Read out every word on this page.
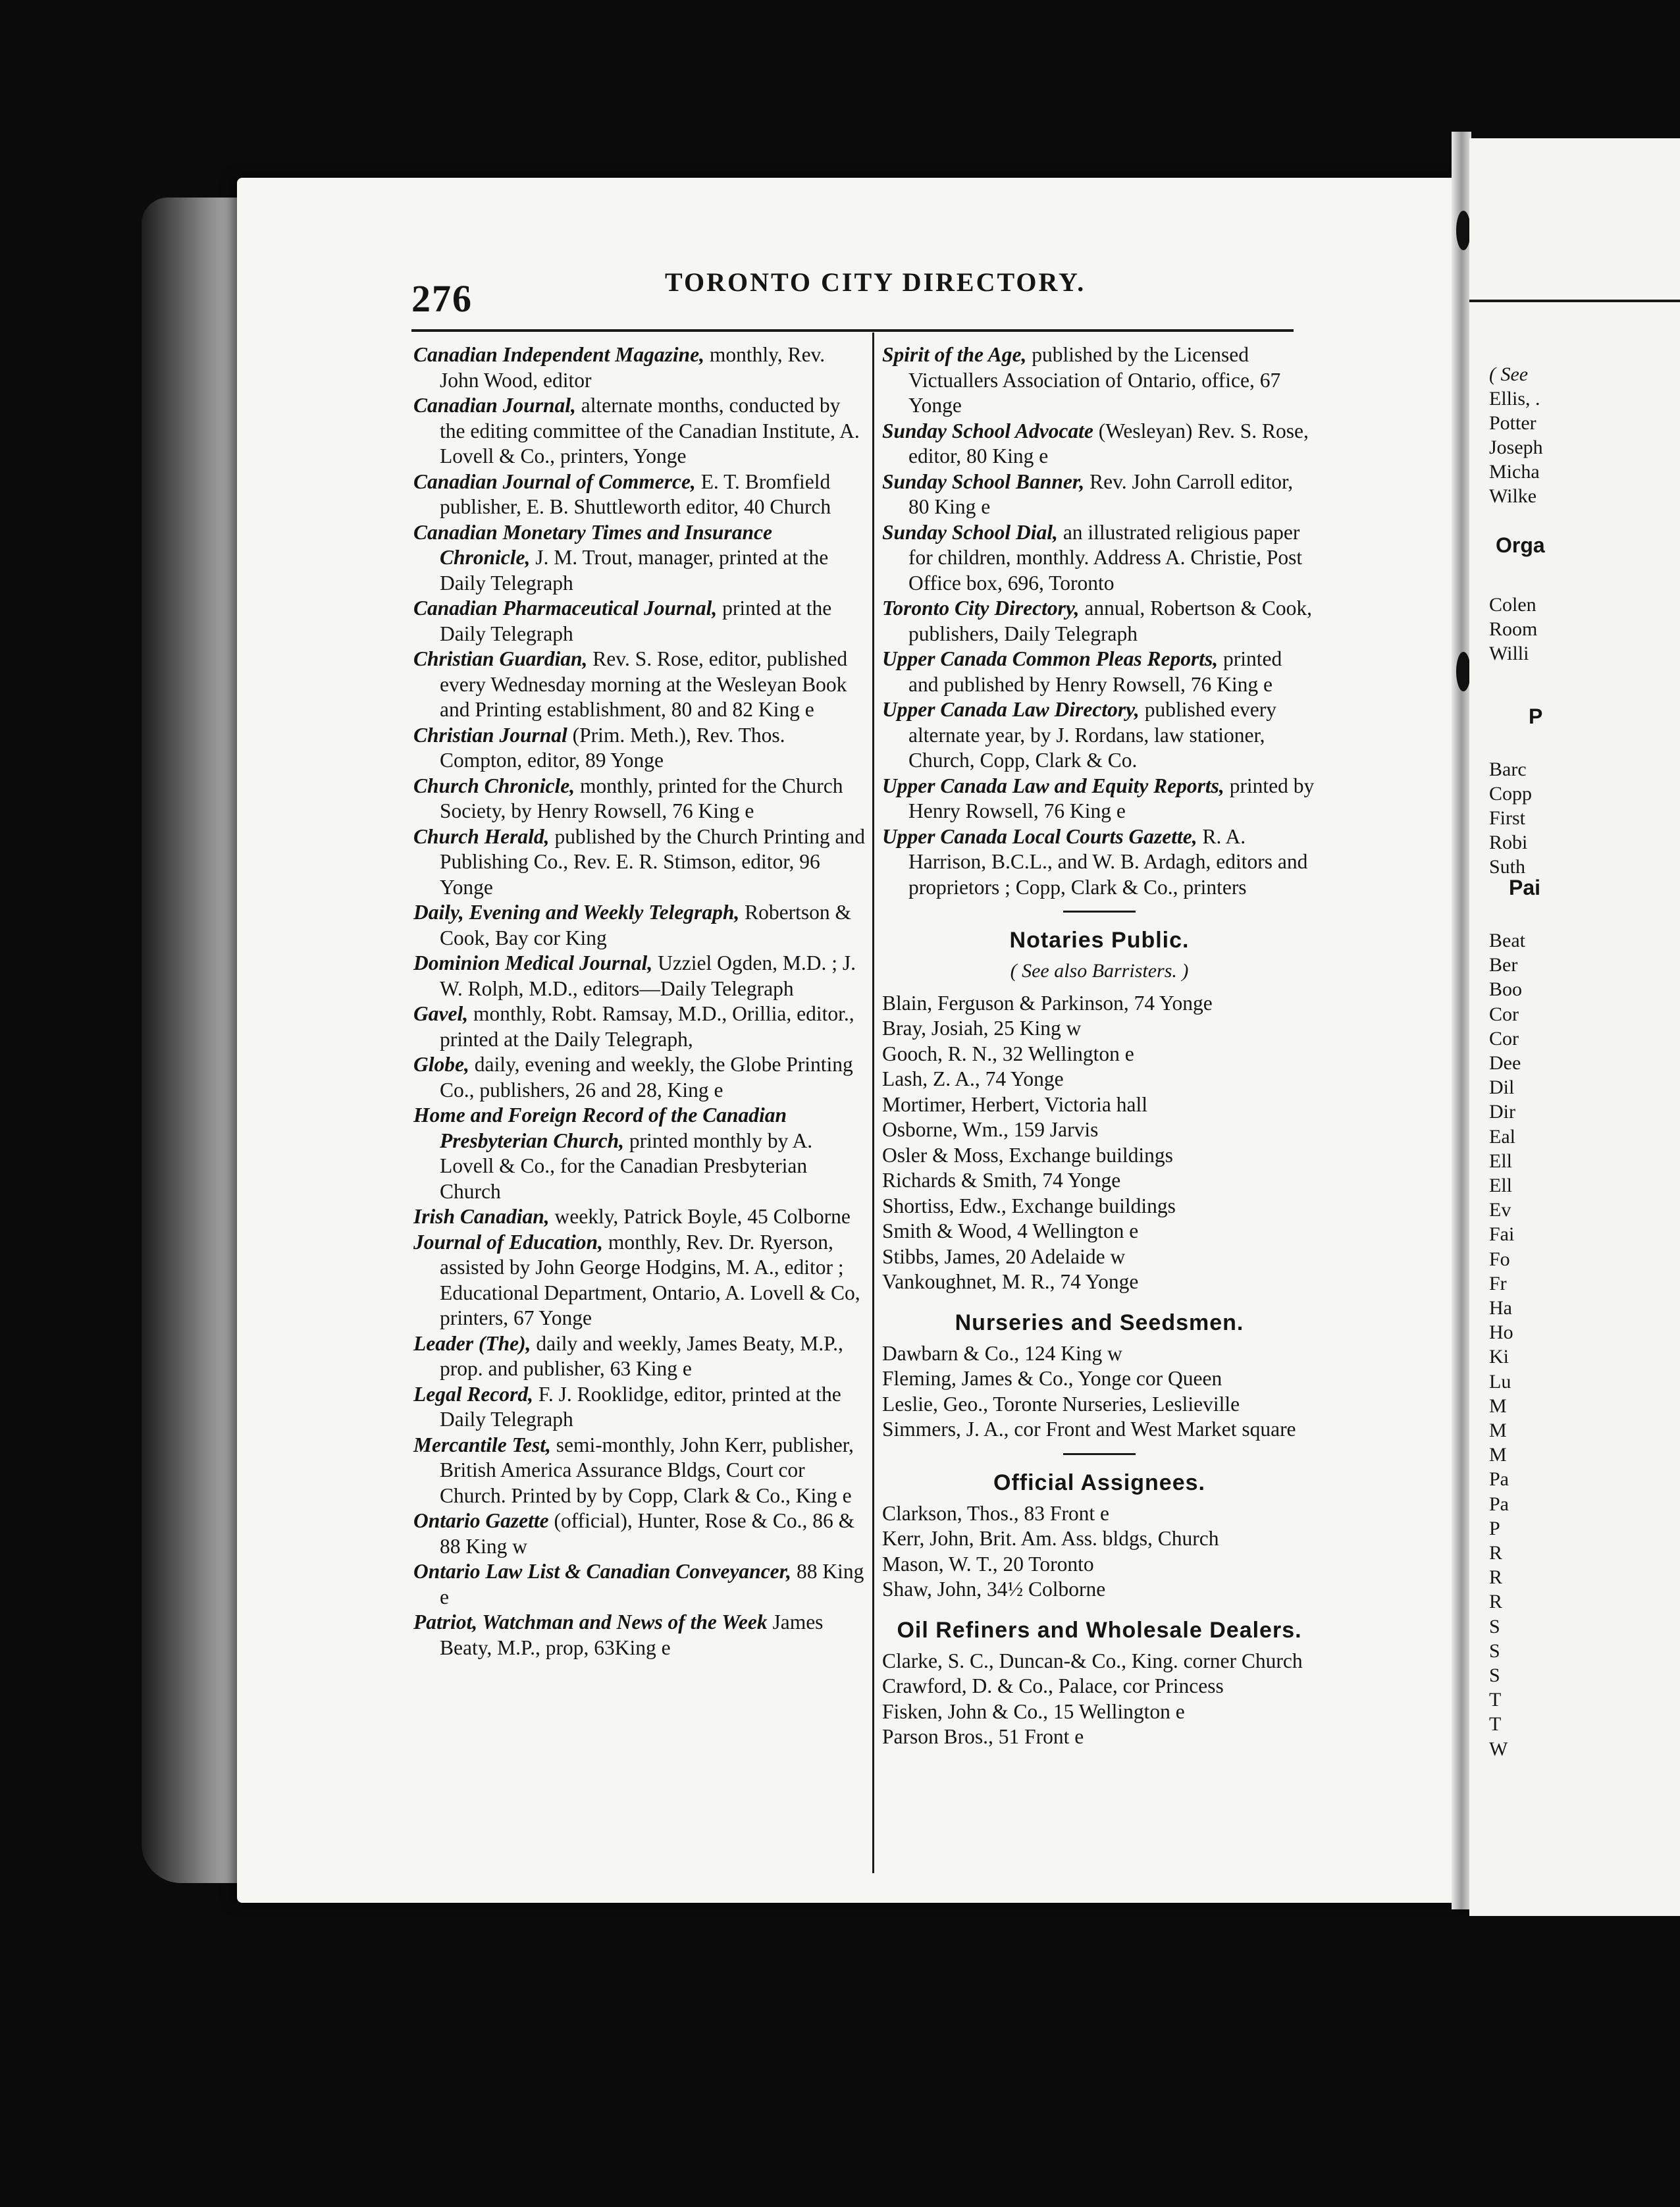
( See
Ellis, .
Potter
Joseph
Micha
Wilke
Orga
Colen
Room
Willi
P
Barc
Copp
First
Robi
Suth
Pai
Beat
Ber
Boo
Cor
Cor
Dee
Dil
Dir
Eal
Ell
Ell
Ev
Fai
Fo
Fr
Ha
Ho
Ki
Lu
M
M
M
Pa
Pa
P
R
R
R
S
S
S
T
T
W
276	TORONTO CITY DIRECTORY.

Canadian Independent Magazine, monthly, Rev. John Wood, editor

Canadian Journal, alternate months, conducted by the editing committee of the Canadian Institute, A. Lovell & Co., printers, Yonge

Canadian Journal of Commerce, E. T. Bromfield publisher, E. B. Shuttleworth editor, 40 Church

Canadian Monetary Times and Insurance Chronicle, J. M. Trout, manager, printed at the Daily Telegraph

Canadian Pharmaceutical Journal, printed at the Daily Telegraph

Christian Guardian, Rev. S. Rose, editor, published every Wednesday morning at the Wesleyan Book and Printing establishment, 80 and 82 King e

Christian Journal (Prim. Meth.), Rev. Thos. Compton, editor, 89 Yonge

Church Chronicle, monthly, printed for the Church Society, by Henry Rowsell, 76 King e

Church Herald, published by the Church Printing and Publishing Co., Rev. E. R. Stimson, editor, 96 Yonge

Daily, Evening and Weekly Telegraph, Robertson & Cook, Bay cor King

Dominion Medical Journal, Uzziel Ogden, M.D. ; J. W. Rolph, M.D., editors—Daily Telegraph

Gavel, monthly, Robt. Ramsay, M.D., Orillia, editor., printed at the Daily Telegraph,

Globe, daily, evening and weekly, the Globe Printing Co., publishers, 26 and 28, King e

Home and Foreign Record of the Canadian Presbyterian Church, printed monthly by A. Lovell & Co., for the Canadian Presbyterian Church

Irish Canadian, weekly, Patrick Boyle, 45 Colborne

Journal of Education, monthly, Rev. Dr. Ryerson, assisted by John George Hodgins, M. A., editor ; Educational Department, Ontario, A. Lovell & Co, printers, 67 Yonge

Leader (The), daily and weekly, James Beaty, M.P., prop. and publisher, 63 King e

Legal Record, F. J. Rooklidge, editor, printed at the Daily Telegraph

Mercantile Test, semi-monthly, John Kerr, publisher, British America Assurance Bldgs, Court cor Church. Printed by by Copp, Clark & Co., King e

Ontario Gazette (official), Hunter, Rose & Co., 86 & 88 King w

Ontario Law List & Canadian Conveyancer, 88 King e

Patriot, Watchman and News of the Week James Beaty, M.P., prop, 63King e

Spirit of the Age, published by the Licensed Victuallers Association of Ontario, office, 67 Yonge

Sunday School Advocate (Wesleyan) Rev. S. Rose, editor, 80 King e

Sunday School Banner, Rev. John Carroll editor, 80 King e

Sunday School Dial, an illustrated religious paper for children, monthly. Address A. Christie, Post Office box, 696, Toronto

Toronto City Directory, annual, Robertson & Cook, publishers, Daily Telegraph

Upper Canada Common Pleas Reports, printed and published by Henry Rowsell, 76 King e

Upper Canada Law Directory, published every alternate year, by J. Rordans, law stationer, Church, Copp, Clark & Co.

Upper Canada Law and Equity Reports, printed by Henry Rowsell, 76 King e

Upper Canada Local Courts Gazette, R. A. Harrison, B.C.L., and W. B. Ardagh, editors and proprietors ; Copp, Clark & Co., printers

Notaries Public.
( See also Barristers. )

Blain, Ferguson & Parkinson, 74 Yonge

Bray, Josiah, 25 King w

Gooch, R. N., 32 Wellington e

Lash, Z. A., 74 Yonge

Mortimer, Herbert, Victoria hall

Osborne, Wm., 159 Jarvis

Osler & Moss, Exchange buildings

Richards & Smith, 74 Yonge

Shortiss, Edw., Exchange buildings

Smith & Wood, 4 Wellington e

Stibbs, James, 20 Adelaide w

Vankoughnet, M. R., 74 Yonge

Nurseries and Seedsmen.

Dawbarn & Co., 124 King w

Fleming, James & Co., Yonge cor Queen

Leslie, Geo., Toronte Nurseries, Leslieville

Simmers, J. A., cor Front and West Market square

Official Assignees.

Clarkson, Thos., 83 Front e

Kerr, John, Brit. Am. Ass. bldgs, Church

Mason, W. T., 20 Toronto

Shaw, John, 34½ Colborne

Oil Refiners and Wholesale Dealers.

Clarke, S. C., Duncan-& Co., King. corner Church

Crawford, D. & Co., Palace, cor Princess

Fisken, John & Co., 15 Wellington e

Parson Bros., 51 Front e
